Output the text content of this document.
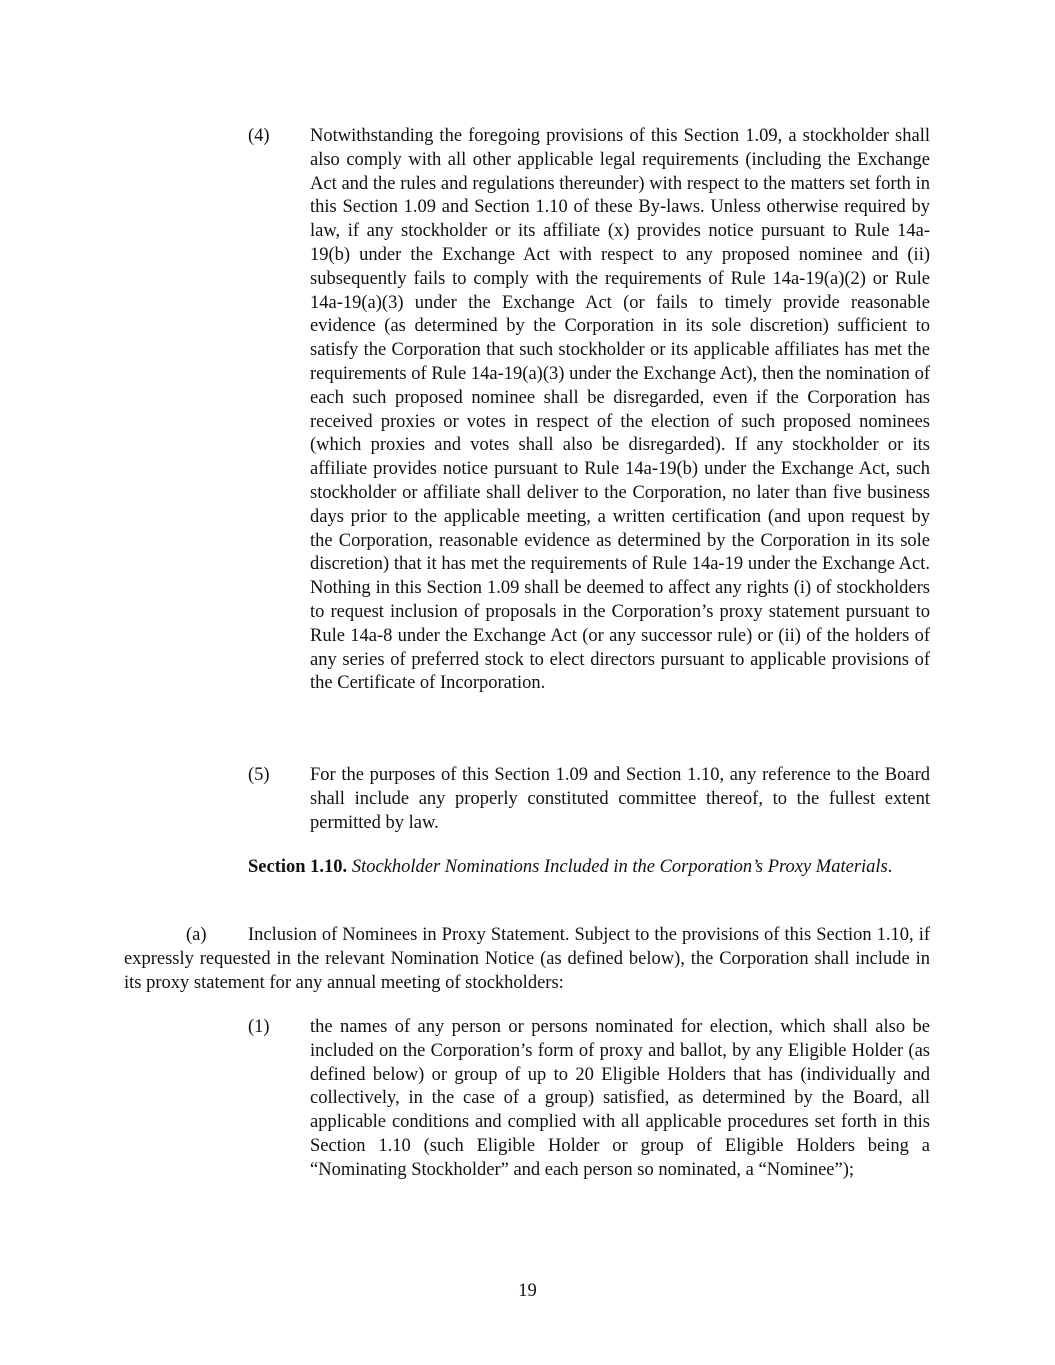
(4) Notwithstanding the foregoing provisions of this Section 1.09, a stockholder shall also comply with all other applicable legal requirements (including the Exchange Act and the rules and regulations thereunder) with respect to the matters set forth in this Section 1.09 and Section 1.10 of these By-laws. Unless otherwise required by law, if any stockholder or its affiliate (x) provides notice pursuant to Rule 14a-19(b) under the Exchange Act with respect to any proposed nominee and (ii) subsequently fails to comply with the requirements of Rule 14a-19(a)(2) or Rule 14a-19(a)(3) under the Exchange Act (or fails to timely provide reasonable evidence (as determined by the Corporation in its sole discretion) sufficient to satisfy the Corporation that such stockholder or its applicable affiliates has met the requirements of Rule 14a-19(a)(3) under the Exchange Act), then the nomination of each such proposed nominee shall be disregarded, even if the Corporation has received proxies or votes in respect of the election of such proposed nominees (which proxies and votes shall also be disregarded). If any stockholder or its affiliate provides notice pursuant to Rule 14a-19(b) under the Exchange Act, such stockholder or affiliate shall deliver to the Corporation, no later than five business days prior to the applicable meeting, a written certification (and upon request by the Corporation, reasonable evidence as determined by the Corporation in its sole discretion) that it has met the requirements of Rule 14a-19 under the Exchange Act. Nothing in this Section 1.09 shall be deemed to affect any rights (i) of stockholders to request inclusion of proposals in the Corporation’s proxy statement pursuant to Rule 14a-8 under the Exchange Act (or any successor rule) or (ii) of the holders of any series of preferred stock to elect directors pursuant to applicable provisions of the Certificate of Incorporation.
(5) For the purposes of this Section 1.09 and Section 1.10, any reference to the Board shall include any properly constituted committee thereof, to the fullest extent permitted by law.
Section 1.10. Stockholder Nominations Included in the Corporation’s Proxy Materials.
(a) Inclusion of Nominees in Proxy Statement. Subject to the provisions of this Section 1.10, if expressly requested in the relevant Nomination Notice (as defined below), the Corporation shall include in its proxy statement for any annual meeting of stockholders:
(1) the names of any person or persons nominated for election, which shall also be included on the Corporation’s form of proxy and ballot, by any Eligible Holder (as defined below) or group of up to 20 Eligible Holders that has (individually and collectively, in the case of a group) satisfied, as determined by the Board, all applicable conditions and complied with all applicable procedures set forth in this Section 1.10 (such Eligible Holder or group of Eligible Holders being a “Nominating Stockholder” and each person so nominated, a “Nominee”);
19
